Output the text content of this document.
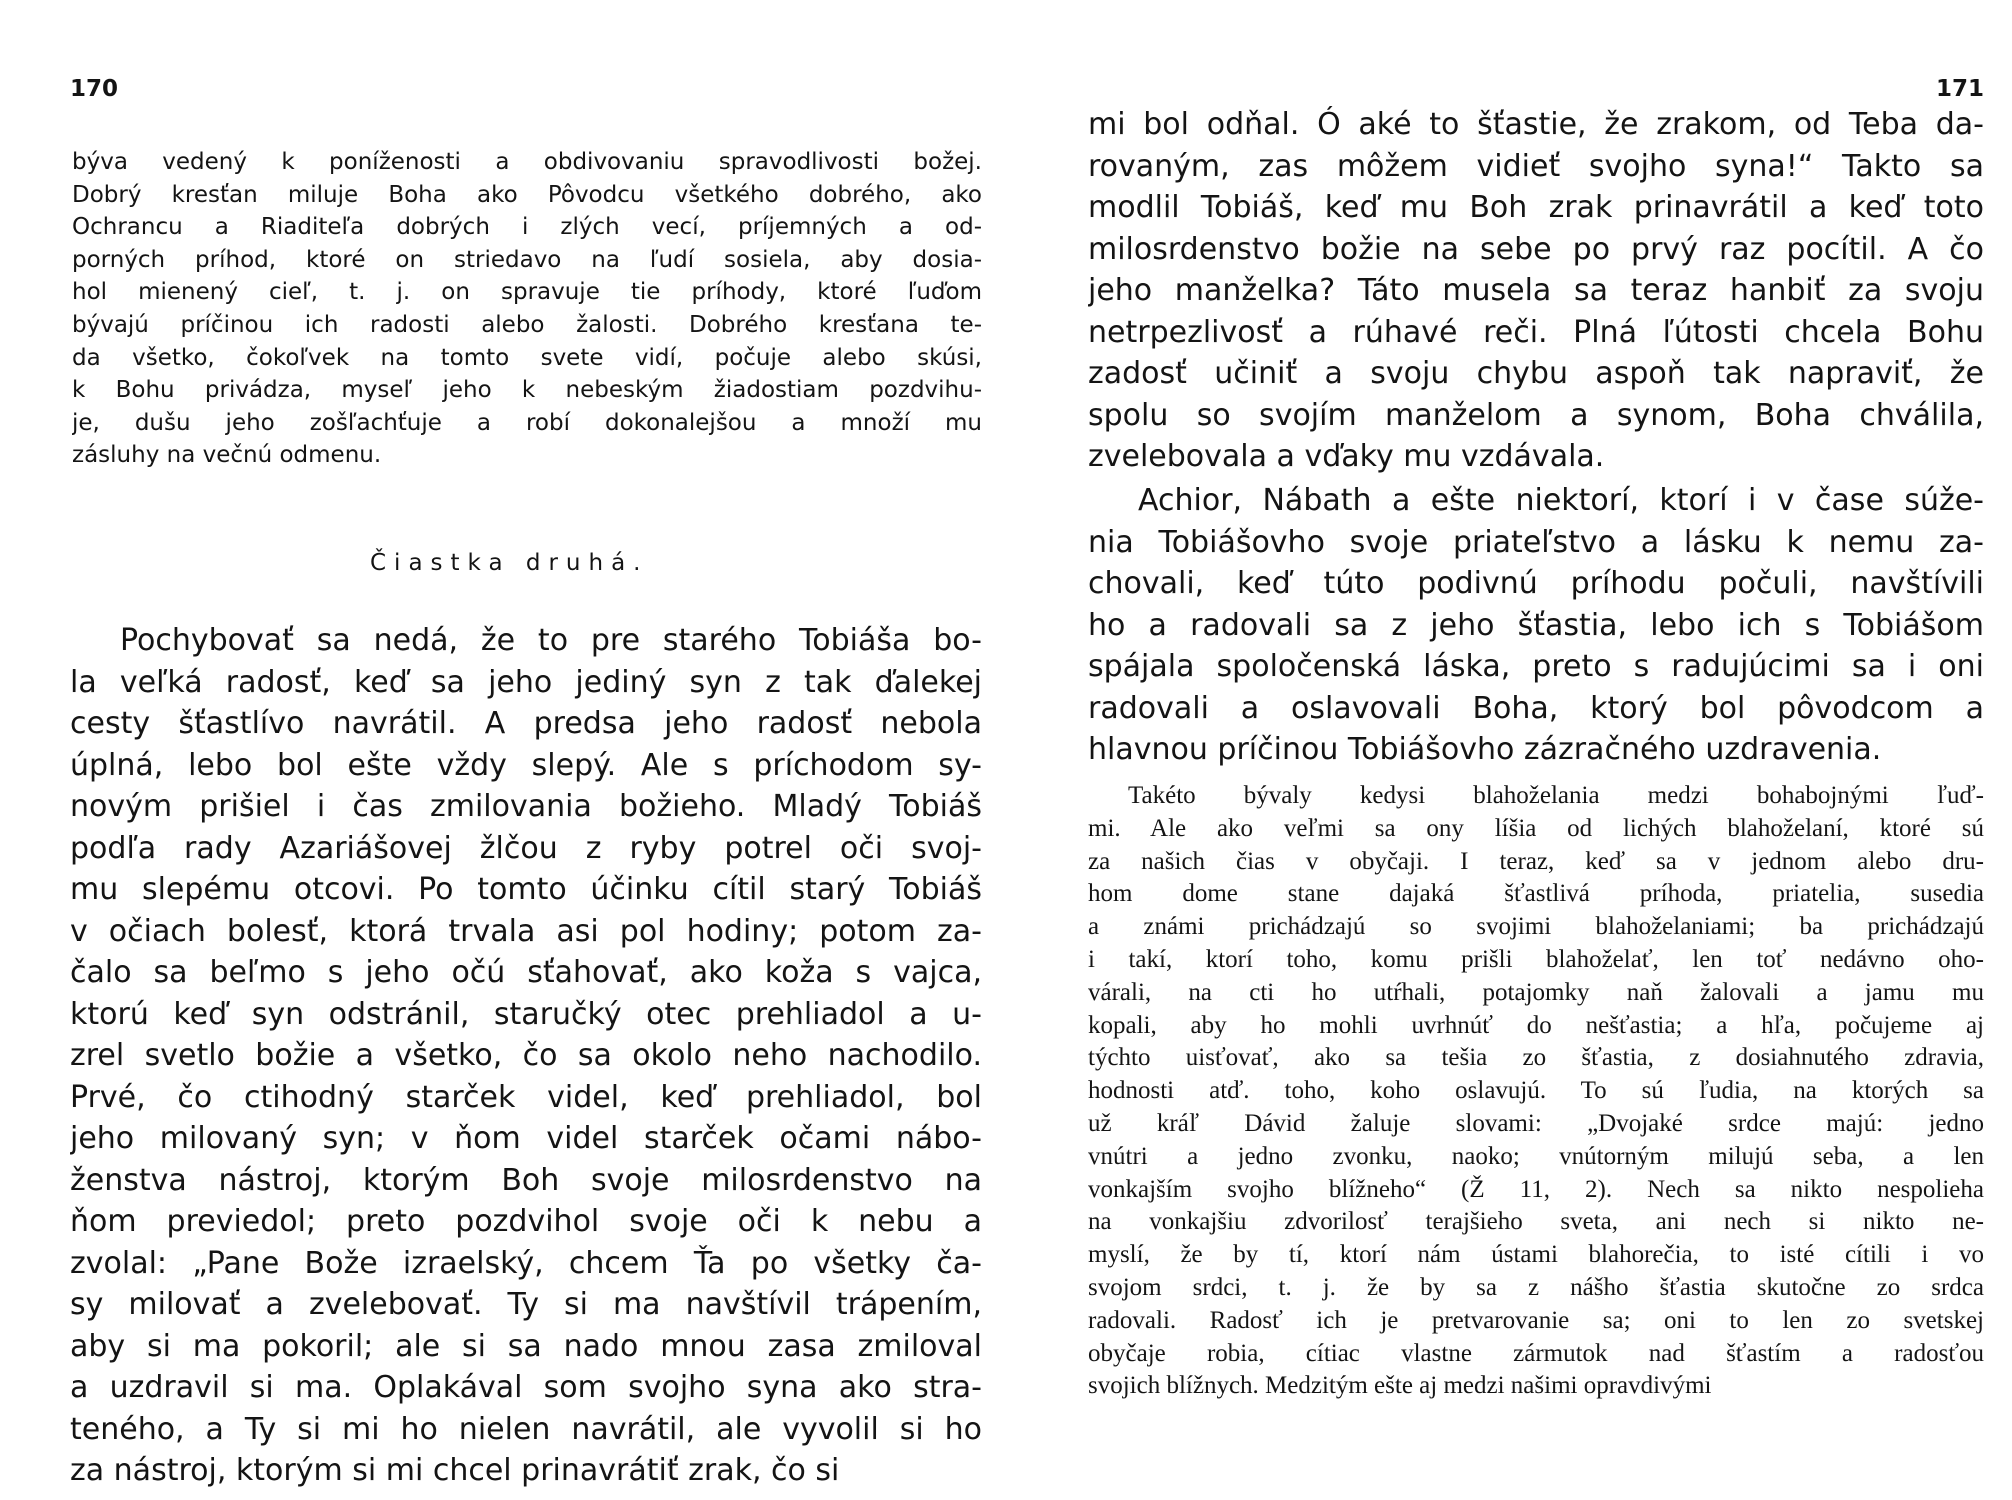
170
býva vedený k poníženosti a obdivovaniu spravodlivosti božej.
Dobrý kresťan miluje Boha ako Pôvodcu všetkého dobrého, ako
Ochrancu a Riaditeľa dobrých i zlých vecí, príjemných a od-
porných príhod, ktoré on striedavo na ľudí sosiela, aby dosia-
hol mienený cieľ, t. j. on spravuje tie príhody, ktoré ľuďom
bývajú príčinou ich radosti alebo žalosti. Dobrého kresťana te-
da všetko, čokoľvek na tomto svete vidí, počuje alebo skúsi,
k Bohu privádza, myseľ jeho k nebeským žiadostiam pozdvihu-
je, dušu jeho zošľachťuje a robí dokonalejšou a množí mu
zásluhy na večnú odmenu.
Čiastka druhá.
Pochybovať sa nedá, že to pre starého Tobiáša bo-
la veľká radosť, keď sa jeho jediný syn z tak ďalekej
cesty šťastlívo navrátil. A predsa jeho radosť nebola
úplná, lebo bol ešte vždy slepý. Ale s príchodom sy-
novým prišiel i čas zmilovania božieho. Mladý Tobiáš
podľa rady Azariášovej žlčou z ryby potrel oči svoj-
mu slepému otcovi. Po tomto účinku cítil starý Tobiáš
v očiach bolesť, ktorá trvala asi pol hodiny; potom za-
čalo sa beľmo s jeho očú sťahovať, ako koža s vajca,
ktorú keď syn odstránil, staručký otec prehliadol a u-
zrel svetlo božie a všetko, čo sa okolo neho nachodilo.
Prvé, čo ctihodný starček videl, keď prehliadol, bol
jeho milovaný syn; v ňom videl starček očami nábo-
ženstva nástroj, ktorým Boh svoje milosrdenstvo na
ňom previedol; preto pozdvihol svoje oči k nebu a
zvolal: „Pane Bože izraelský, chcem Ťa po všetky ča-
sy milovať a zvelebovať. Ty si ma navštívil trápením,
aby si ma pokoril; ale si sa nado mnou zasa zmiloval
a uzdravil si ma. Oplakával som svojho syna ako stra-
teného, a Ty si mi ho nielen navrátil, ale vyvolil si ho
za nástroj, ktorým si mi chcel prinavrátiť zrak, čo si
171
mi bol odňal. Ó aké to šťastie, že zrakom, od Teba da-
rovaným, zas môžem vidieť svojho syna!“ Takto sa
modlil Tobiáš, keď mu Boh zrak prinavrátil a keď toto
milosrdenstvo božie na sebe po prvý raz pocítil. A čo
jeho manželka? Táto musela sa teraz hanbiť za svoju
netrpezlivosť a rúhavé reči. Plná ľútosti chcela Bohu
zadosť učiniť a svoju chybu aspoň tak napraviť, že
spolu so svojím manželom a synom, Boha chválila,
zvelebovala a vďaky mu vzdávala.
Achior, Nábath a ešte niektorí, ktorí i v čase súže-
nia Tobiášovho svoje priateľstvo a lásku k nemu za-
chovali, keď túto podivnú príhodu počuli, navštívili
ho a radovali sa z jeho šťastia, lebo ich s Tobiášom
spájala spoločenská láska, preto s radujúcimi sa i oni
radovali a oslavovali Boha, ktorý bol pôvodcom a
hlavnou príčinou Tobiášovho zázračného uzdravenia.
Takéto bývaly kedysi blahoželania medzi bohabojnými ľuď-
mi. Ale ako veľmi sa ony líšia od lichých blahoželaní, ktoré sú
za našich čias v obyčaji. I teraz, keď sa v jednom alebo dru-
hom dome stane dajaká šťastlivá príhoda, priatelia, susedia
a známi prichádzajú so svojimi blahoželaniami; ba prichádzajú
i takí, ktorí toho, komu prišli blahoželať, len toť nedávno oho-
várali, na cti ho utŕhali, potajomky naň žalovali a jamu mu
kopali, aby ho mohli uvrhnúť do nešťastia; a hľa, počujeme aj
týchto uisťovať, ako sa tešia zo šťastia, z dosiahnutého zdravia,
hodnosti atď. toho, koho oslavujú. To sú ľudia, na ktorých sa
už kráľ Dávid žaluje slovami: „Dvojaké srdce majú: jedno
vnútri a jedno zvonku, naoko; vnútorným milujú seba, a len
vonkajším svojho blížneho“ (Ž 11, 2). Nech sa nikto nespolieha
na vonkajšiu zdvorilosť terajšieho sveta, ani nech si nikto ne-
myslí, že by tí, ktorí nám ústami blahorečia, to isté cítili i vo
svojom srdci, t. j. že by sa z nášho šťastia skutočne zo srdca
radovali. Radosť ich je pretvarovanie sa; oni to len zo svetskej
obyčaje robia, cítiac vlastne zármutok nad šťastím a radosťou
svojich blížnych. Medzitým ešte aj medzi našimi opravdivými
